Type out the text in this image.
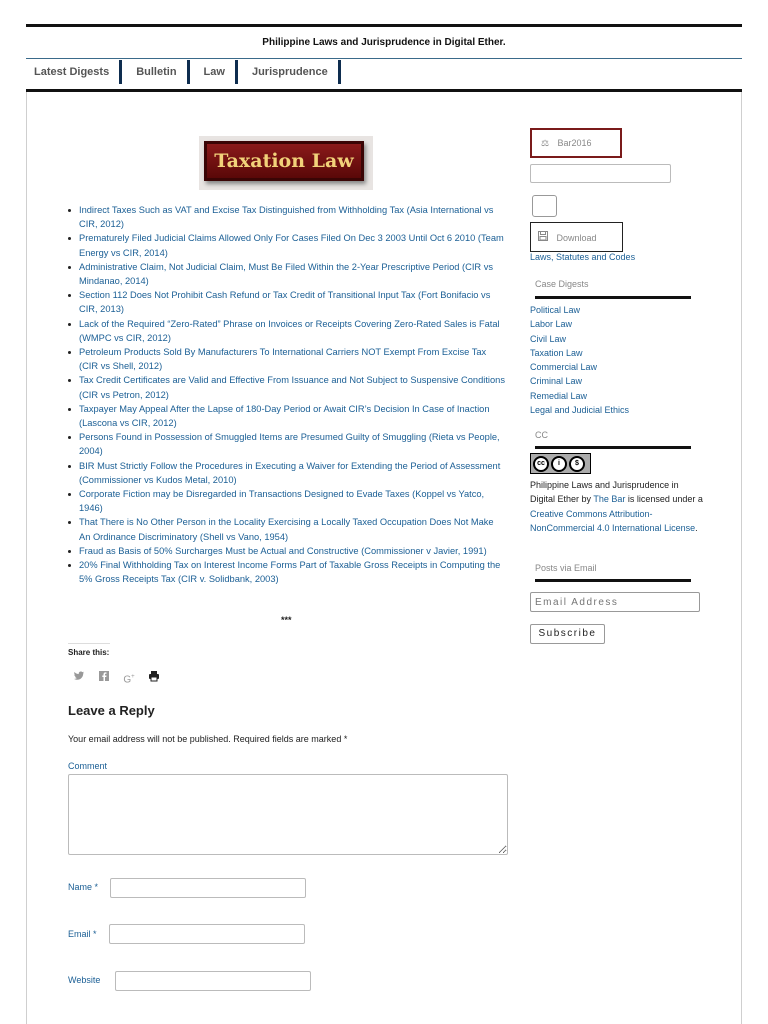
Philippine Laws and Jurisprudence in Digital Ether.
Latest Digests	Bulletin	Law	Jurisprudence
Taxation Law
Indirect Taxes Such as VAT and Excise Tax Distinguished from Withholding Tax (Asia International vs CIR, 2012)
Prematurely Filed Judicial Claims Allowed Only For Cases Filed On Dec 3 2003 Until Oct 6 2010 (Team Energy vs CIR, 2014)
Administrative Claim, Not Judicial Claim, Must Be Filed Within the 2-Year Prescriptive Period (CIR vs Mindanao, 2014)
Section 112 Does Not Prohibit Cash Refund or Tax Credit of Transitional Input Tax (Fort Bonifacio vs CIR, 2013)
Lack of the Required “Zero-Rated” Phrase on Invoices or Receipts Covering Zero-Rated Sales is Fatal (WMPC vs CIR, 2012)
Petroleum Products Sold By Manufacturers To International Carriers NOT Exempt From Excise Tax (CIR vs Shell, 2012)
Tax Credit Certificates are Valid and Effective From Issuance and Not Subject to Suspensive Conditions (CIR vs Petron, 2012)
Taxpayer May Appeal After the Lapse of 180-Day Period or Await CIR’s Decision In Case of Inaction (Lascona vs CIR, 2012)
Persons Found in Possession of Smuggled Items are Presumed Guilty of Smuggling (Rieta vs People, 2004)
BIR Must Strictly Follow the Procedures in Executing a Waiver for Extending the Period of Assessment (Commissioner vs Kudos Metal, 2010)
Corporate Fiction may be Disregarded in Transactions Designed to Evade Taxes (Koppel vs Yatco, 1946)
That There is No Other Person in the Locality Exercising a Locally Taxed Occupation Does Not Make An Ordinance Discriminatory (Shell vs Vano, 1954)
Fraud as Basis of 50% Surcharges Must be Actual and Constructive (Commissioner v Javier, 1991)
20% Final Withholding Tax on Interest Income Forms Part of Taxable Gross Receipts in Computing the 5% Gross Receipts Tax (CIR v. Solidbank, 2003)
***
Share this:
G+
Leave a Reply
Your email address will not be published. Required fields are marked *
Comment
Name *
Email *
Website
⚖ Bar2016
Download
Laws, Statutes and Codes
Case Digests
Political Law
Labor Law
Civil Law
Taxation Law
Commercial Law
Criminal Law
Remedial Law
Legal and Judicial Ethics
CC
cc	i	$
Philippine Laws and Jurisprudence in Digital Ether by The Bar is licensed under a Creative Commons Attribution-NonCommercial 4.0 International License.
Posts via Email
Email Address
Subscribe
